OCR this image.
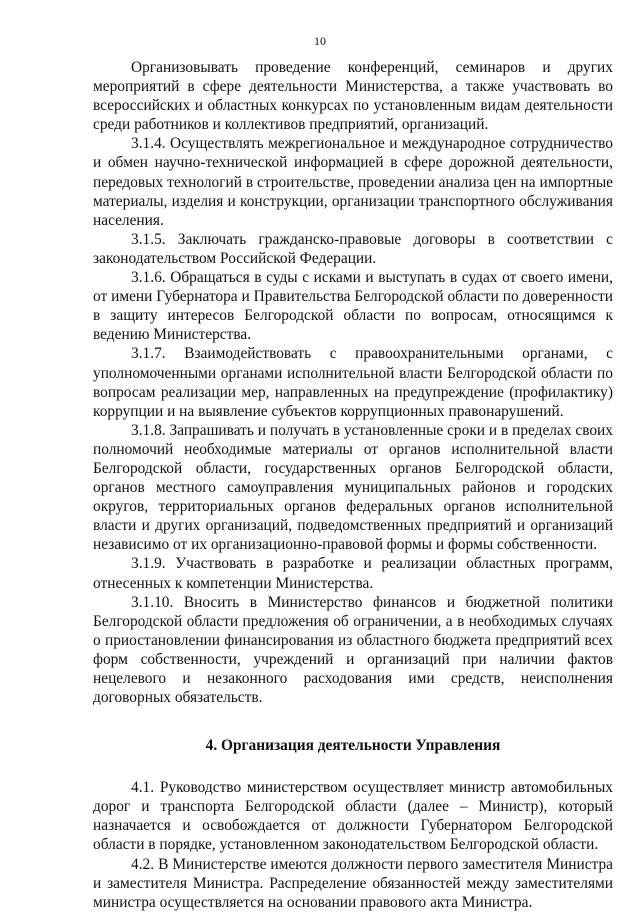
10

Организовывать проведение конференций, семинаров и других мероприятий в сфере деятельности Министерства, а также участвовать во всероссийских и областных конкурсах по установленным видам деятельности среди работников и коллективов предприятий, организаций.

3.1.4. Осуществлять межрегиональное и международное сотрудничество и обмен научно-технической информацией в сфере дорожной деятельности, передовых технологий в строительстве, проведении анализа цен на импортные материалы, изделия и конструкции, организации транспортного обслуживания населения.

3.1.5. Заключать гражданско-правовые договоры в соответствии с законодательством Российской Федерации.

3.1.6. Обращаться в суды с исками и выступать в судах от своего имени, от имени Губернатора и Правительства Белгородской области по доверенности в защиту интересов Белгородской области по вопросам, относящимся к ведению Министерства.

3.1.7. Взаимодействовать с правоохранительными органами, с уполномоченными органами исполнительной власти Белгородской области по вопросам реализации мер, направленных на предупреждение (профилактику) коррупции и на выявление субъектов коррупционных правонарушений.

3.1.8. Запрашивать и получать в установленные сроки и в пределах своих полномочий необходимые материалы от органов исполнительной власти Белгородской области, государственных органов Белгородской области, органов местного самоуправления муниципальных районов и городских округов, территориальных органов федеральных органов исполнительной власти и других организаций, подведомственных предприятий и организаций независимо от их организационно-правовой формы и формы собственности.

3.1.9. Участвовать в разработке и реализации областных программ, отнесенных к компетенции Министерства.

3.1.10. Вносить в Министерство финансов и бюджетной политики Белгородской области предложения об ограничении, а в необходимых случаях о приостановлении финансирования из областного бюджета предприятий всех форм собственности, учреждений и организаций при наличии фактов нецелевого и незаконного расходования ими средств, неисполнения договорных обязательств.

4. Организация деятельности Управления

4.1. Руководство министерством осуществляет министр автомобильных дорог и транспорта Белгородской области (далее – Министр), который назначается и освобождается от должности Губернатором Белгородской области в порядке, установленном законодательством Белгородской области.

4.2. В Министерстве имеются должности первого заместителя Министра и заместителя Министра. Распределение обязанностей между заместителями министра осуществляется на основании правового акта Министра.
